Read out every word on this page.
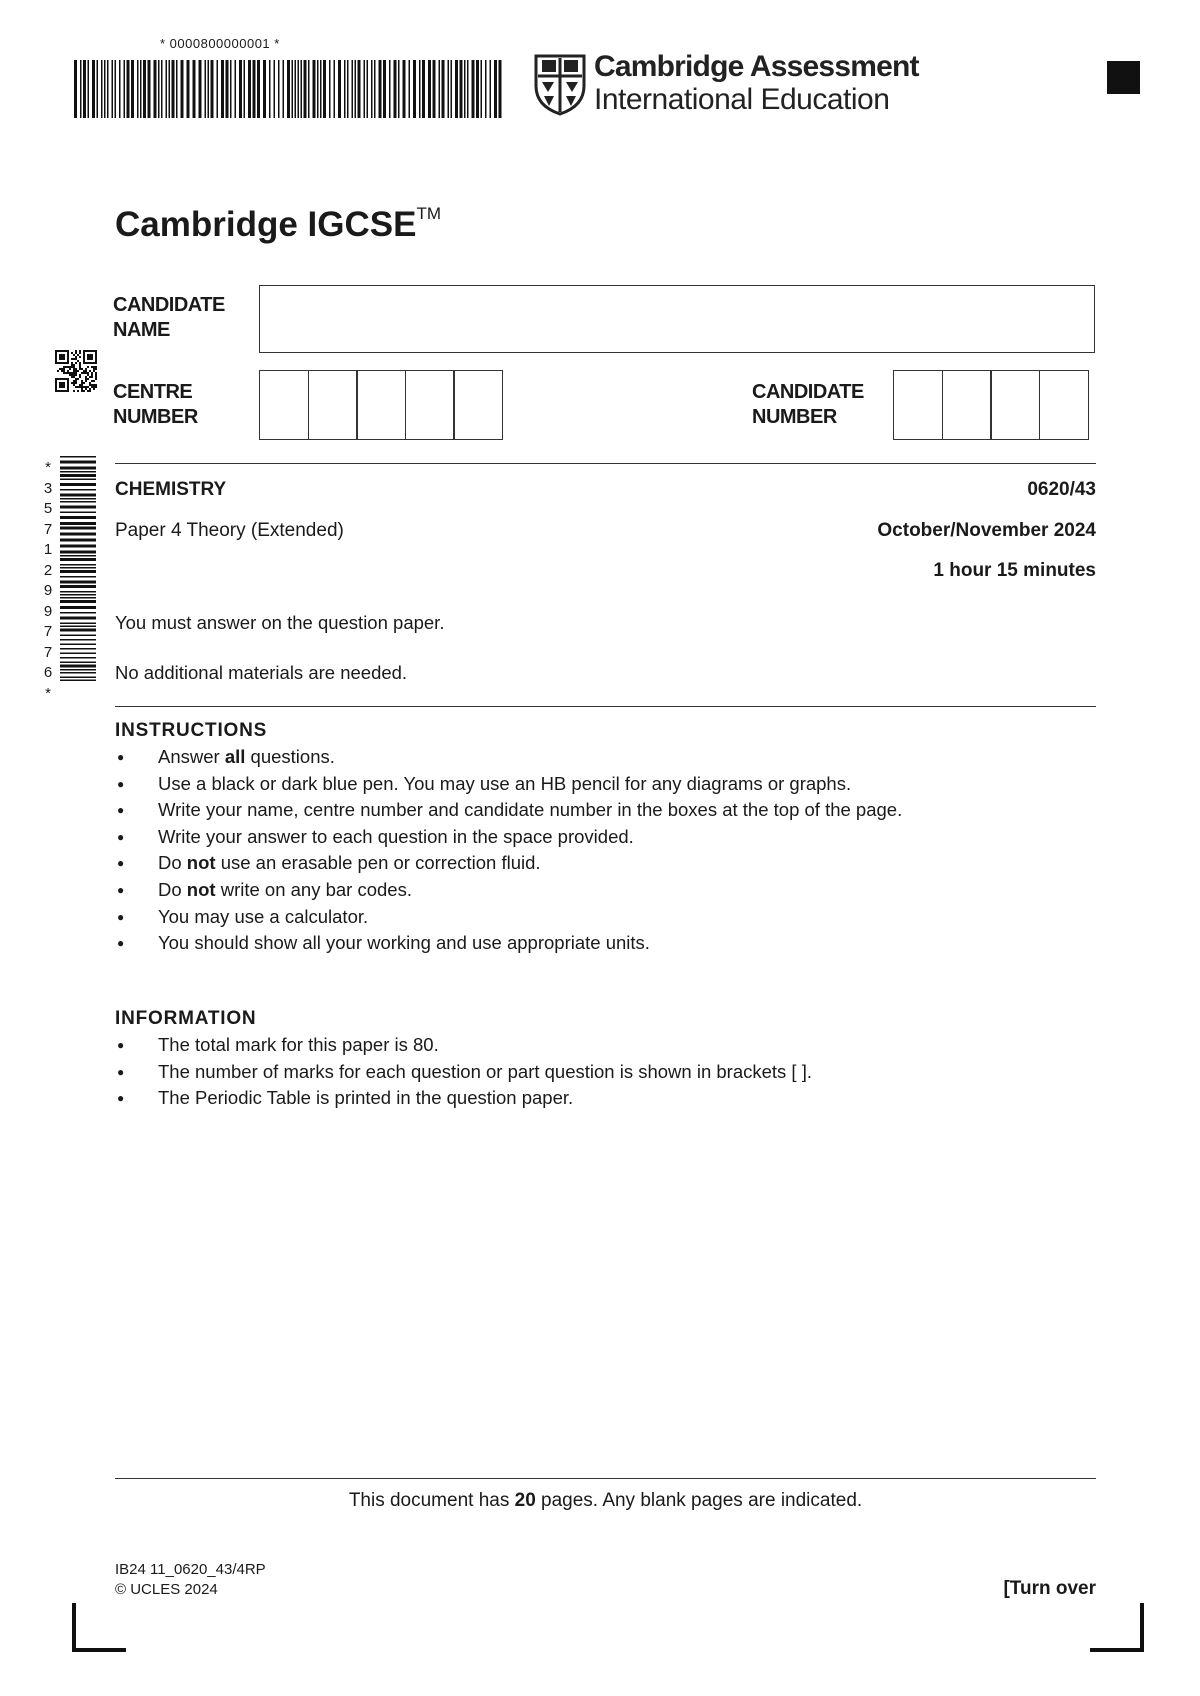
* 0000800000001 *
Cambridge Assessment
International Education
Cambridge IGCSE™
CANDIDATE
NAME
CENTRE
NUMBER
CANDIDATE
NUMBER
*
3
5
7
1
2
9
9
7
7
6
*
CHEMISTRY	0620/43
Paper 4 Theory (Extended)	October/November 2024
1 hour 15 minutes
You must answer on the question paper.
No additional materials are needed.
INSTRUCTIONS
● Answer all questions.
● Use a black or dark blue pen. You may use an HB pencil for any diagrams or graphs.
● Write your name, centre number and candidate number in the boxes at the top of the page.
● Write your answer to each question in the space provided.
● Do not use an erasable pen or correction fluid.
● Do not write on any bar codes.
● You may use a calculator.
● You should show all your working and use appropriate units.
INFORMATION
● The total mark for this paper is 80.
● The number of marks for each question or part question is shown in brackets [ ].
● The Periodic Table is printed in the question paper.
This document has 20 pages. Any blank pages are indicated.
IB24 11_0620_43/4RP
© UCLES 2024	[Turn over
